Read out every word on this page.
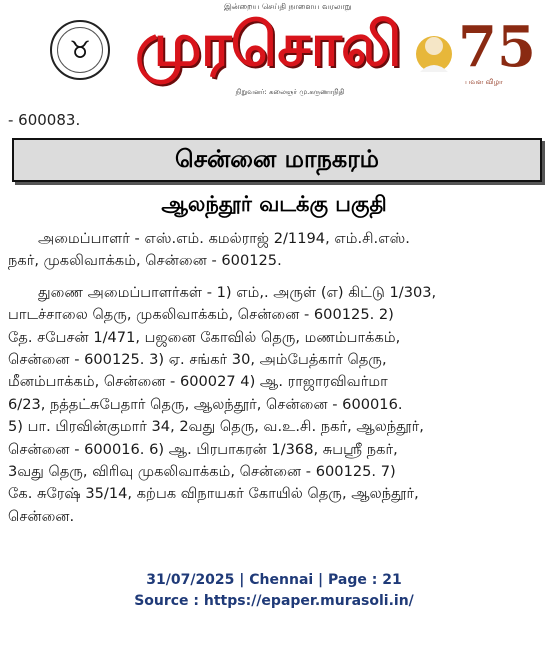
இன்றைய செய்தி நாளைய வரலாறு
♉ முரசொலி
நிறுவனர்: கலைஞர் மு.கருணாநிதி
75
பவள விழா
- 600083.
சென்னை மாநகரம்
ஆலந்தூர் வடக்கு பகுதி

அமைப்பாளர் - எஸ்.எம். கமல்ராஜ் 2/1194, எம்.சி.எஸ்.
நகர், முகலிவாக்கம், சென்னை - 600125.

துணை அமைப்பாளர்கள் - 1) எம்,. அருள் (எ) கிட்டு 1/303,
பாடச்சாலை தெரு, முகலிவாக்கம், சென்னை - 600125. 2)
தே. சபேசன் 1/471, பஜனை கோவில் தெரு, மணம்பாக்கம்,
சென்னை - 600125. 3) ஏ. சங்கர் 30, அம்பேத்கார் தெரு,
மீனம்பாக்கம், சென்னை - 600027 4) ஆ. ராஜாரவிவர்மா
6/23, நத்தட்சுபேதார் தெரு, ஆலந்தூர், சென்னை - 600016.
5) பா. பிரவின்குமார் 34, 2வது தெரு, வ.உ.சி. நகர், ஆலந்தூர்,
சென்னை - 600016. 6) ஆ. பிரபாகரன் 1/368, சுபஸ்ரீ நகர்,
3வது தெரு, விரிவு முகலிவாக்கம், சென்னை - 600125. 7)
கே. சுரேஷ் 35/14, கற்பக விநாயகர் கோயில் தெரு, ஆலந்தூர்,
சென்னை.

31/07/2025 | Chennai | Page : 21
Source : https://epaper.murasoli.in/
